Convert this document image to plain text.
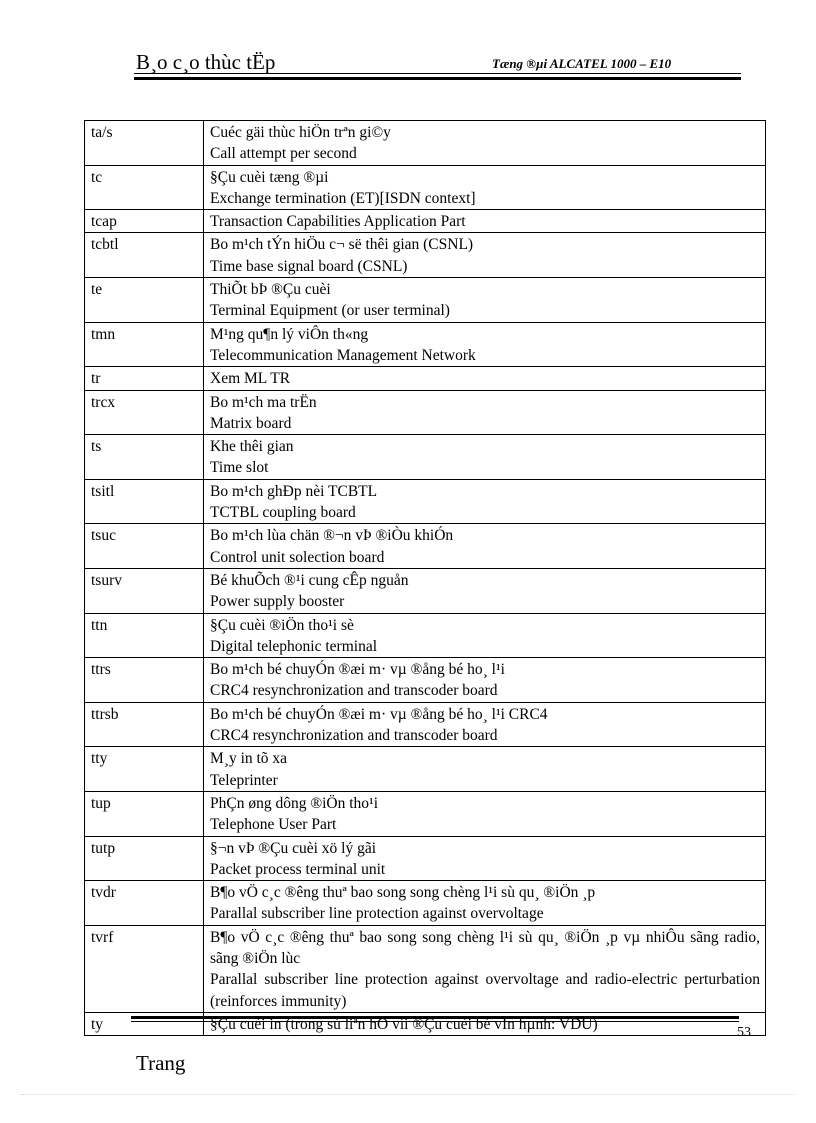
B¸o c¸o thùc tËp	Tæng ®µi ALCATEL 1000 – E10
ta/s	Cuéc gäi thùc hiÖn trªn gi©y
Call attempt per second

tc	§Çu cuèi tæng ®µi
Exchange termination (ET)[ISDN context]

tcap	Transaction Capabilities Application Part

tcbtl	Bo m¹ch tÝn hiÖu c¬ së thêi gian (CSNL)
Time base signal board (CSNL)

te	ThiÕt bÞ ®Çu cuèi
Terminal Equipment (or user terminal)

tmn	M¹ng qu¶n lý viÔn th«ng
Telecommunication Management Network

tr	Xem ML TR

trcx	Bo m¹ch ma trËn
Matrix board

ts	Khe thêi gian
Time slot

tsitl	Bo m¹ch ghÐp nèi TCBTL
TCTBL coupling board

tsuc	Bo m¹ch lùa chän ®¬n vÞ ®iÒu khiÓn
Control unit solection board

tsurv	Bé khuÕch ®¹i cung cÊp nguån
Power supply booster

ttn	§Çu cuèi ®iÖn tho¹i sè
Digital telephonic terminal

ttrs	Bo m¹ch bé chuyÓn ®æi m· vµ ®ång bé ho¸ l¹i
CRC4 resynchronization and transcoder board

ttrsb	Bo m¹ch bé chuyÓn ®æi m· vµ ®ång bé ho¸ l¹i CRC4
CRC4 resynchronization and transcoder board

tty	M¸y in tõ xa
Teleprinter

tup	PhÇn øng dông ®iÖn tho¹i
Telephone User Part

tutp	§¬n vÞ ®Çu cuèi xö lý gãi
Packet process terminal unit

tvdr	B¶o vÖ c¸c ®êng thuª bao song song chèng l¹i sù qu¸ ®iÖn ¸p
Parallal subscriber line protection against overvoltage

tvrf	B¶o vÖ c¸c ®êng thuª bao song song chèng l¹i sù qu¸ ®iÖn ¸p vµ nhiÔu sãng radio, sãng ®iÖn lùc
Parallal subscriber line protection against overvoltage and radio-electric perturbation (reinforces immunity)

ty	§Çu cuèi in (trong sù liªn hÖ víi ®Çu cuèi bé vÏn hµnh: VDU)	53
Trang
